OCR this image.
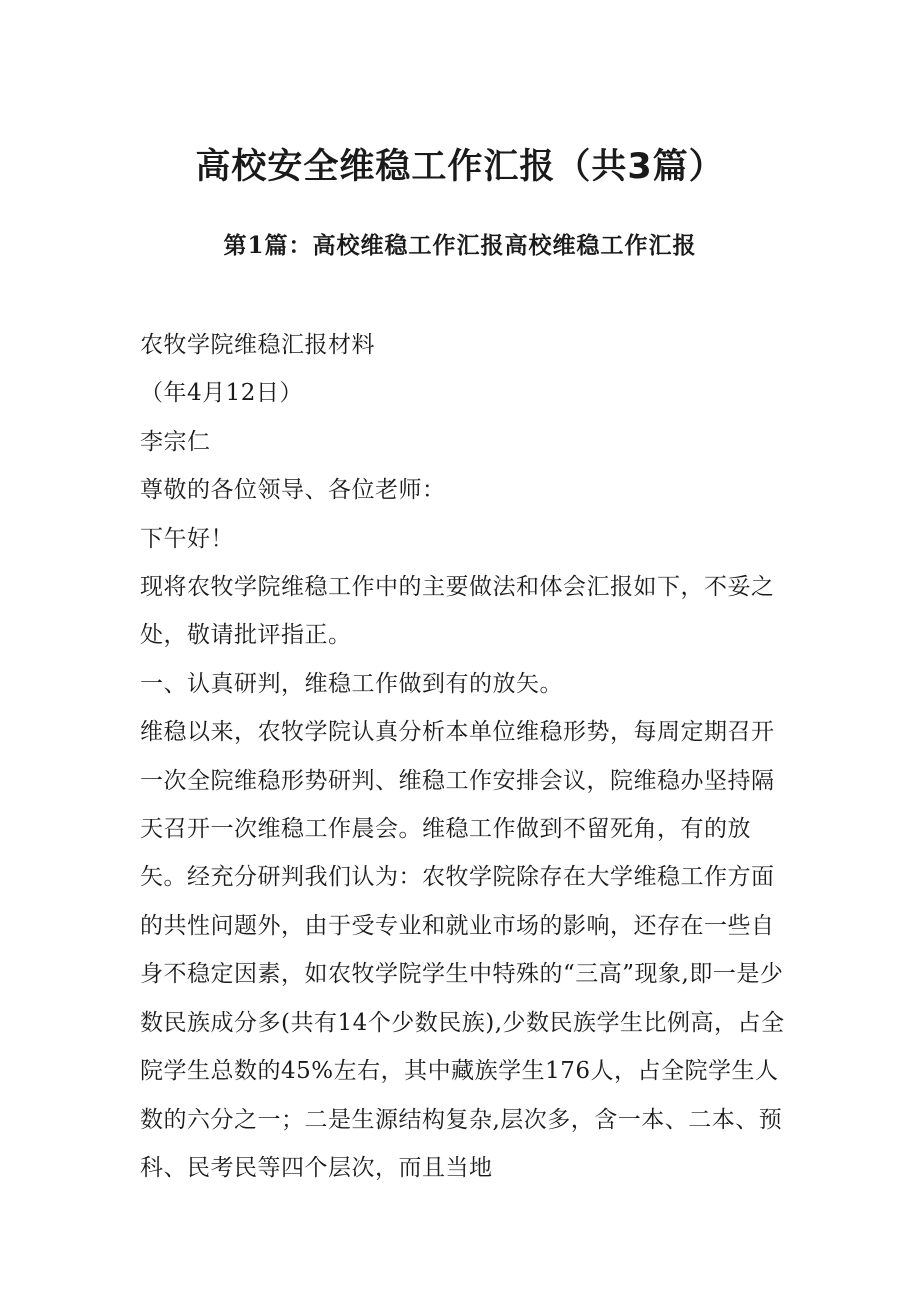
高校安全维稳工作汇报（共3篇）
第1篇：高校维稳工作汇报高校维稳工作汇报

农牧学院维稳汇报材料

（年4月12日）

李宗仁

尊敬的各位领导、各位老师：

下午好！

现将农牧学院维稳工作中的主要做法和体会汇报如下，不妥之处，敬请批评指正。

一、认真研判，维稳工作做到有的放矢。

维稳以来，农牧学院认真分析本单位维稳形势，每周定期召开一次全院维稳形势研判、维稳工作安排会议，院维稳办坚持隔天召开一次维稳工作晨会。维稳工作做到不留死角，有的放矢。经充分研判我们认为：农牧学院除存在大学维稳工作方面的共性问题外，由于受专业和就业市场的影响，还存在一些自身不稳定因素，如农牧学院学生中特殊的“三高”现象,即一是少数民族成分多(共有14个少数民族),少数民族学生比例高，占全院学生总数的45%左右，其中藏族学生176人，占全院学生人数的六分之一；二是生源结构复杂,层次多，含一本、二本、预科、民考民等四个层次，而且当地
